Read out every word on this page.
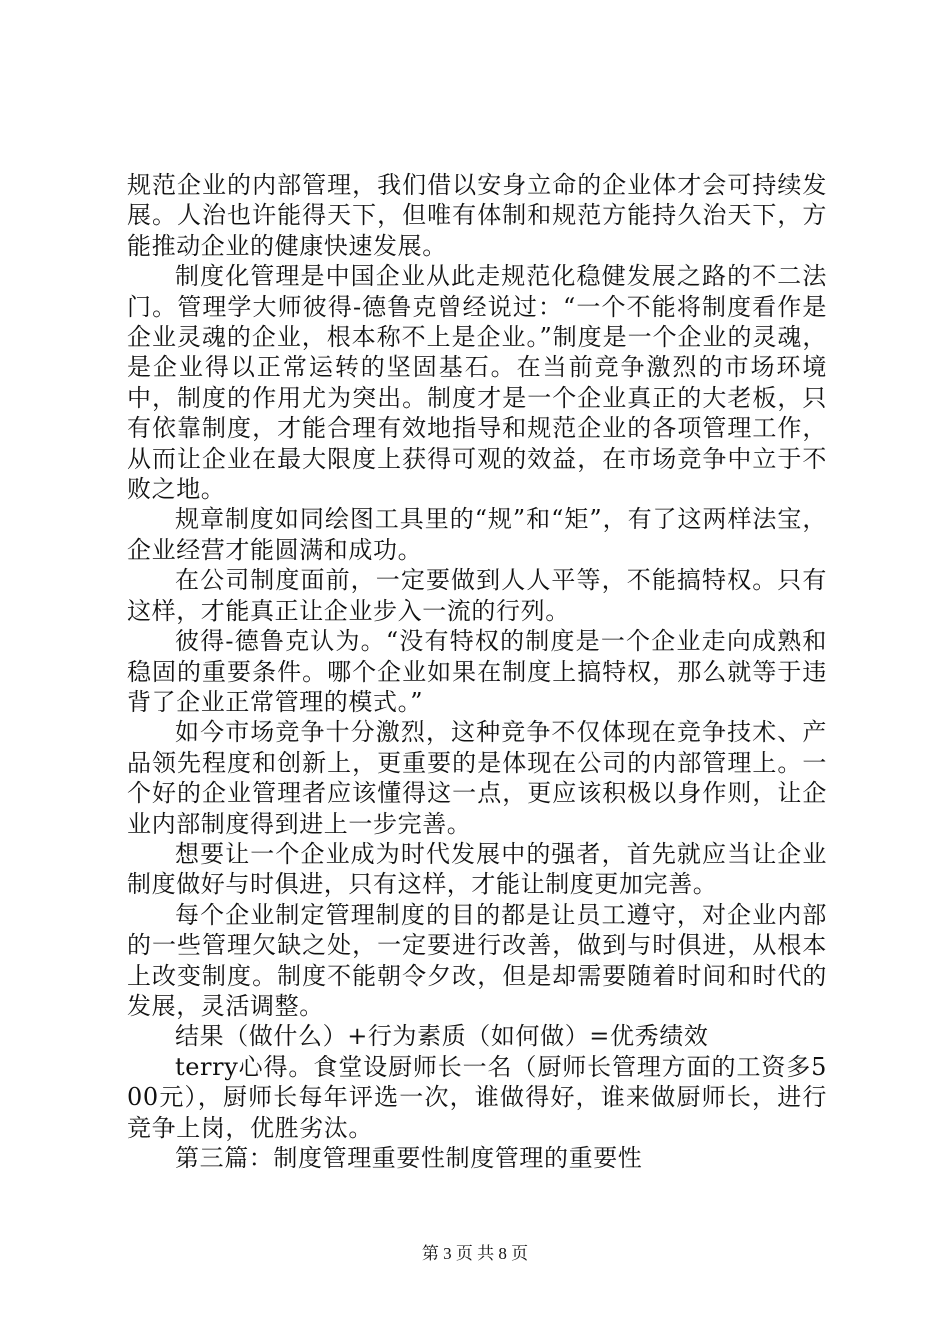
规范企业的内部管理，我们借以安身立命的企业体才会可持续发展。人治也许能得天下，但唯有体制和规范方能持久治天下，方能推动企业的健康快速发展。

制度化管理是中国企业从此走规范化稳健发展之路的不二法门。管理学大师彼得-德鲁克曾经说过：“一个不能将制度看作是企业灵魂的企业，根本称不上是企业。”制度是一个企业的灵魂，是企业得以正常运转的坚固基石。在当前竞争激烈的市场环境中，制度的作用尤为突出。制度才是一个企业真正的大老板，只有依靠制度，才能合理有效地指导和规范企业的各项管理工作，从而让企业在最大限度上获得可观的效益，在市场竞争中立于不败之地。

规章制度如同绘图工具里的“规”和“矩”，有了这两样法宝，企业经营才能圆满和成功。

在公司制度面前，一定要做到人人平等，不能搞特权。只有这样，才能真正让企业步入一流的行列。

彼得-德鲁克认为。“没有特权的制度是一个企业走向成熟和稳固的重要条件。哪个企业如果在制度上搞特权，那么就等于违背了企业正常管理的模式。”

如今市场竞争十分激烈，这种竞争不仅体现在竞争技术、产品领先程度和创新上，更重要的是体现在公司的内部管理上。一个好的企业管理者应该懂得这一点，更应该积极以身作则，让企业内部制度得到进上一步完善。

想要让一个企业成为时代发展中的强者，首先就应当让企业制度做好与时俱进，只有这样，才能让制度更加完善。

每个企业制定管理制度的目的都是让员工遵守，对企业内部的一些管理欠缺之处，一定要进行改善，做到与时俱进，从根本上改变制度。制度不能朝令夕改，但是却需要随着时间和时代的发展，灵活调整。

结果（做什么）+行为素质（如何做）=优秀绩效

terry心得。食堂设厨师长一名（厨师长管理方面的工资多500元），厨师长每年评选一次，谁做得好，谁来做厨师长，进行竞争上岗，优胜劣汰。

第三篇：制度管理重要性制度管理的重要性

第 3 页 共 8 页
